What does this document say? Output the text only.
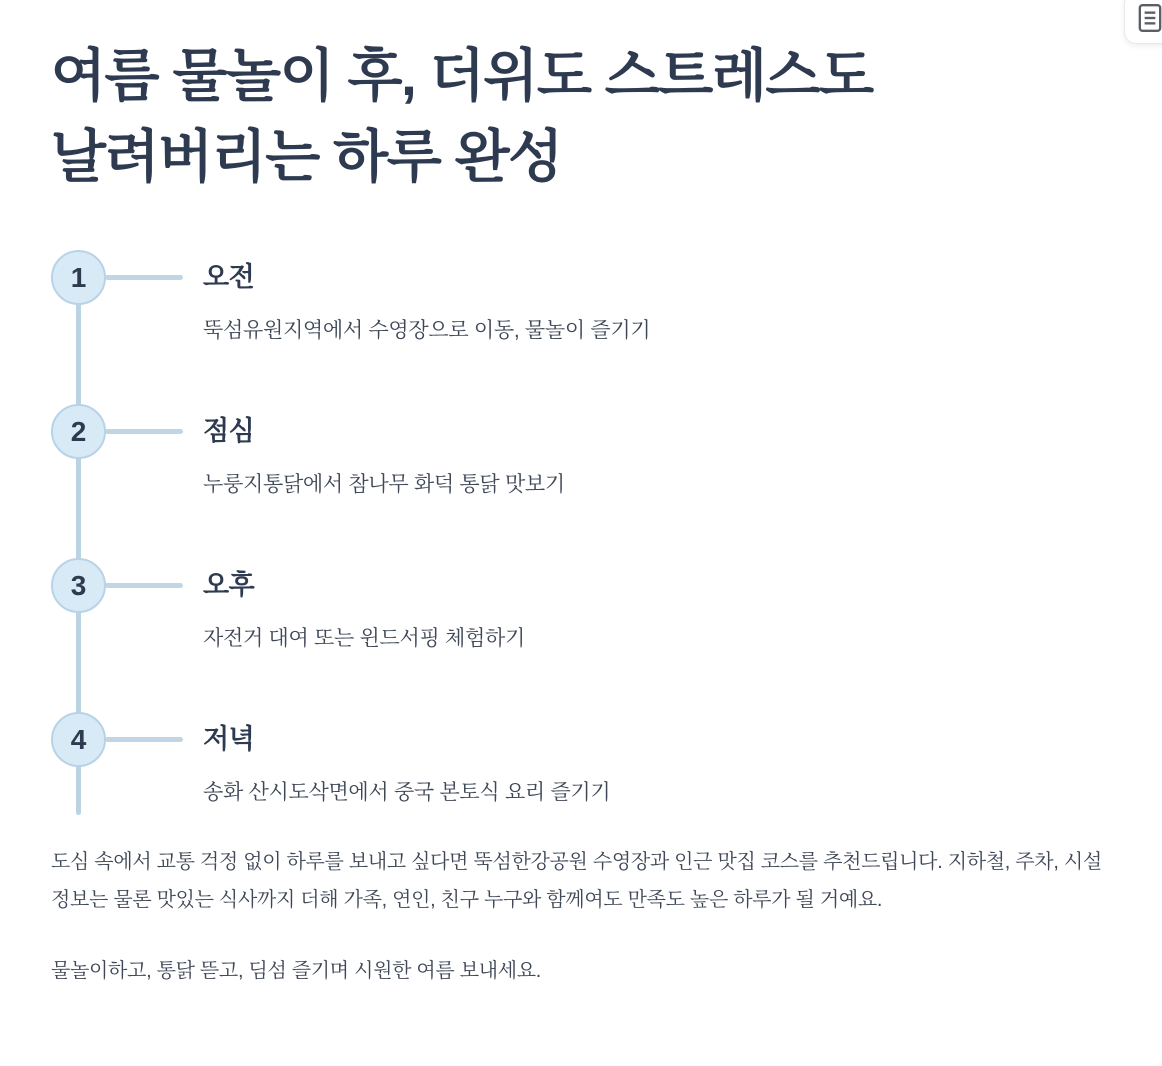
여름 물놀이 후, 더위도 스트레스도
날려버리는 하루 완성
1	오전
뚝섬유원지역에서 수영장으로 이동, 물놀이 즐기기
2	점심
누룽지통닭에서 참나무 화덕 통닭 맛보기
3	오후
자전거 대여 또는 윈드서핑 체험하기
4	저녁
송화 산시도삭면에서 중국 본토식 요리 즐기기

도심 속에서 교통 걱정 없이 하루를 보내고 싶다면 뚝섬한강공원 수영장과 인근 맛집 코스를 추천드립니다. 지하철, 주차, 시설 정보는 물론 맛있는 식사까지 더해 가족, 연인, 친구 누구와 함께여도 만족도 높은 하루가 될 거예요.

물놀이하고, 통닭 뜯고, 딤섬 즐기며 시원한 여름 보내세요.
